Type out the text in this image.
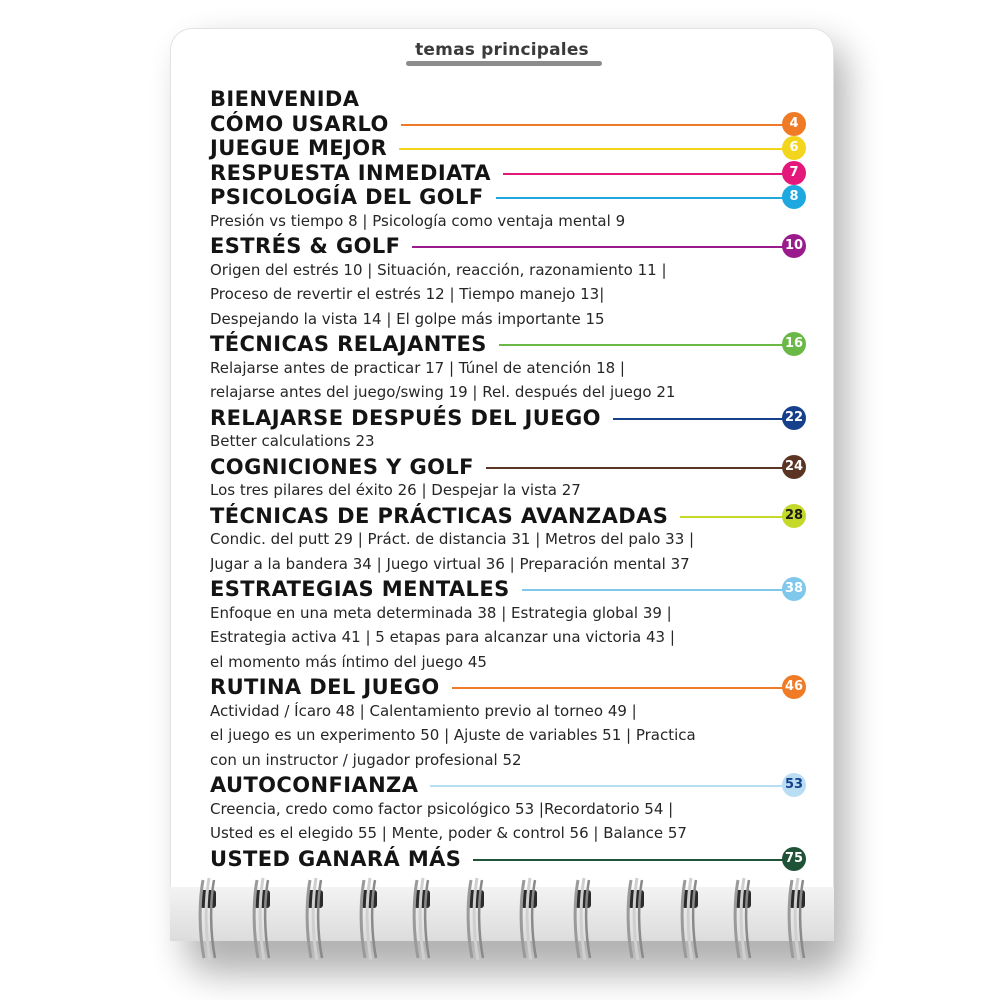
temas principales
BIENVENIDA
CÓMO USARLO	4
JUEGUE MEJOR	6
RESPUESTA INMEDIATA	7
PSICOLOGÍA DEL GOLF	8
Presión vs tiempo 8 | Psicología como ventaja mental 9
ESTRÉS & GOLF	10
Origen del estrés 10 | Situación, reacción, razonamiento 11 |
Proceso de revertir el estrés 12 | Tiempo manejo 13|
Despejando la vista 14 | El golpe más importante 15
TÉCNICAS RELAJANTES	16
Relajarse antes de practicar 17 | Túnel de atención 18 |
relajarse antes del juego/swing 19 | Rel. después del juego 21
RELAJARSE DESPUÉS DEL JUEGO	22
Better calculations 23
COGNICIONES Y GOLF	24
Los tres pilares del éxito 26 | Despejar la vista 27
TÉCNICAS DE PRÁCTICAS AVANZADAS	28
Condic. del putt 29 | Práct. de distancia 31 | Metros del palo 33 |
Jugar a la bandera 34 | Juego virtual 36 | Preparación mental 37
ESTRATEGIAS MENTALES	38
Enfoque en una meta determinada 38 | Estrategia global 39 |
Estrategia activa 41 | 5 etapas para alcanzar una victoria 43 |
el momento más íntimo del juego 45
RUTINA DEL JUEGO	46
Actividad / Ícaro 48 | Calentamiento previo al torneo 49 |
el juego es un experimento 50 | Ajuste de variables 51 | Practica
con un instructor / jugador profesional 52
AUTOCONFIANZA	53
Creencia, credo como factor psicológico 53 |Recordatorio 54 |
Usted es el elegido 55 | Mente, poder & control 56 | Balance 57
USTED GANARÁ MÁS	75
